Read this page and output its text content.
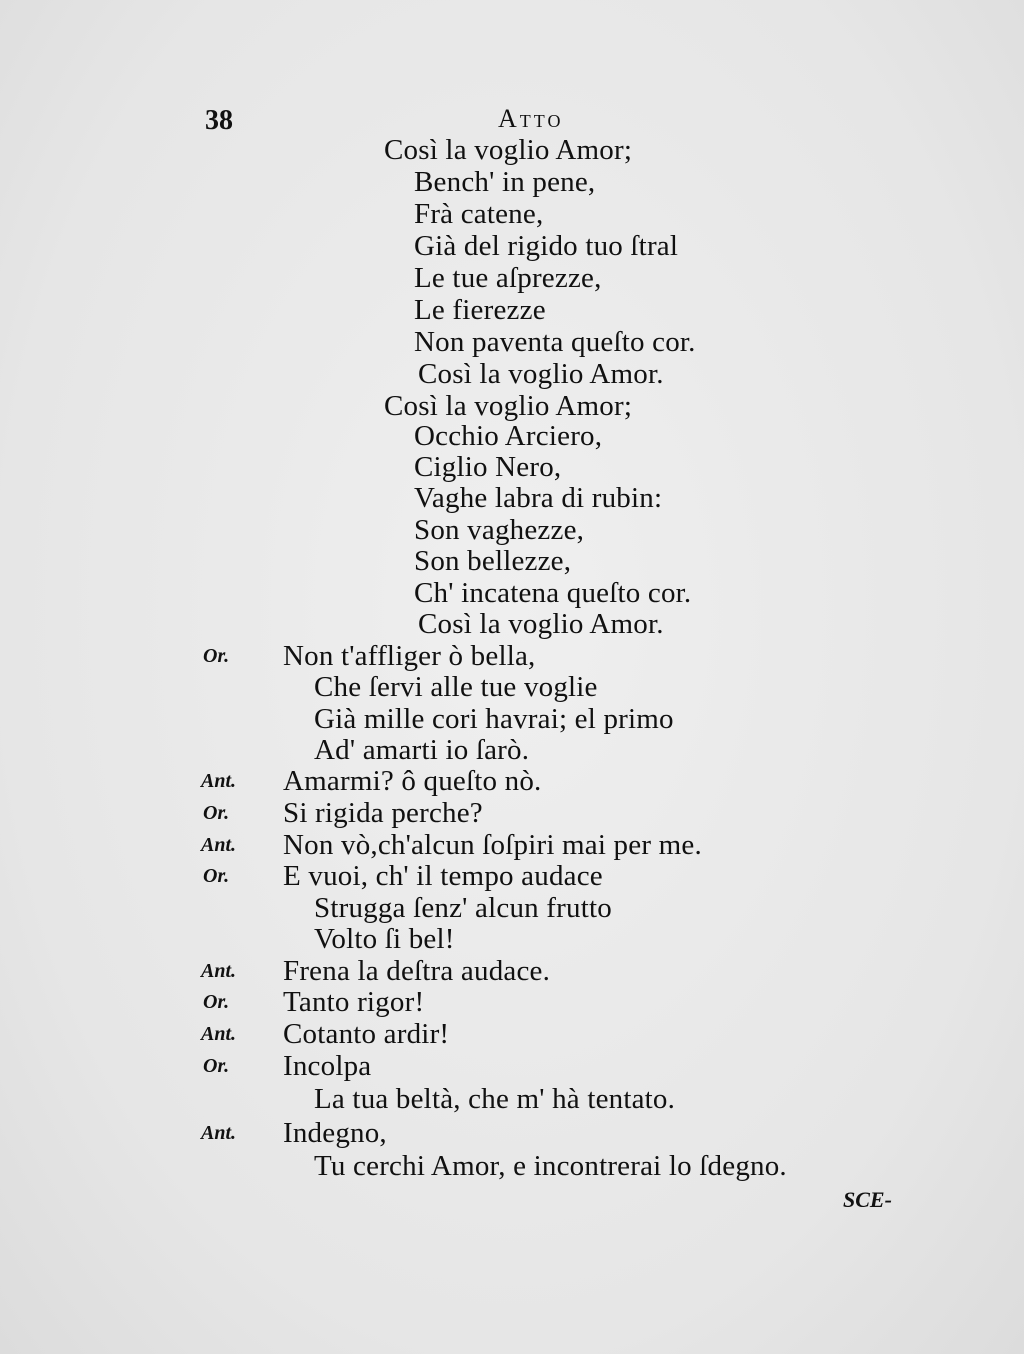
38	Atto
Così la voglio Amor;
Bench' in pene,
Frà catene,
Già del rigido tuo ſtral
Le tue aſprezze,
Le fierezze
Non paventa queſto cor.
Così la voglio Amor.
Così la voglio Amor;
Occhio Arciero,
Ciglio Nero,
Vaghe labra di rubin:
Son vaghezze,
Son bellezze,
Ch' incatena queſto cor.
Così la voglio Amor.
Or. Non t'affliger ò bella,
Che ſervi alle tue voglie
Già mille cori havrai; el primo
Ad' amarti io ſarò.
Ant. Amarmi? ô queſto nò.
Or. Si rigida perche?
Ant. Non vò,ch'alcun ſoſpiri mai per me.
Or. E vuoi, ch' il tempo audace
Strugga ſenz' alcun frutto
Volto ſi bel!
Ant. Frena la deſtra audace.
Or. Tanto rigor!
Ant. Cotanto ardir!
Or. Incolpa
La tua beltà, che m' hà tentato.
Ant. Indegno,
Tu cerchi Amor, e incontrerai lo ſdegno.
SCE-
